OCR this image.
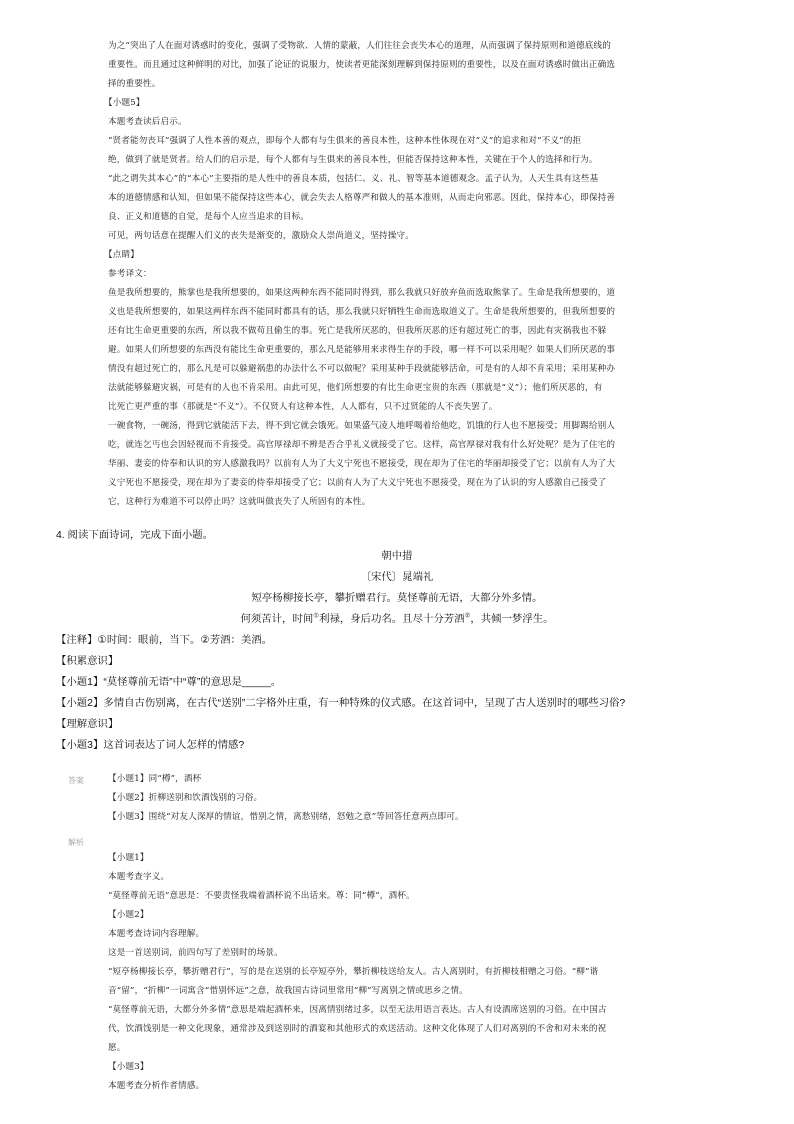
为之”突出了人在面对诱惑时的变化，强调了受物欲、人情的蒙蔽，人们往往会丧失本心的道理，从而强调了保持原则和道德底线的
重要性。而且通过这种鲜明的对比，加强了论证的说服力，使读者更能深刻理解到保持原则的重要性，以及在面对诱惑时做出正确选
择的重要性。
【小题5】
本题考查读后启示。
“贤者能勿丧耳”强调了人性本善的观点，即每个人都有与生俱来的善良本性，这种本性体现在对“义”的追求和对“不义”的拒
绝，做到了就是贤者。给人们的启示是，每个人都有与生俱来的善良本性，但能否保持这种本性，关键在于个人的选择和行为。
“此之谓失其本心”的“本心”主要指的是人性中的善良本质，包括仁、义、礼、智等基本道德观念。孟子认为，人天生具有这些基
本的道德情感和认知，但如果不能保持这些本心，就会失去人格尊严和做人的基本准则，从而走向邪恶。因此，保持本心，即保持善
良、正义和道德的自觉，是每个人应当追求的目标。
可见，两句话意在提醒人们义的丧失是渐变的，激励众人崇尚道义，坚持操守。
【点睛】
参考译文：
鱼是我所想要的，熊掌也是我所想要的，如果这两种东西不能同时得到，那么我就只好放弃鱼而选取熊掌了。生命是我所想要的，道
义也是我所想要的，如果这两样东西不能同时都具有的话，那么我就只好牺牲生命而选取道义了。生命是我所想要的，但我所想要的
还有比生命更重要的东西，所以我不做苟且偷生的事。死亡是我所厌恶的，但我所厌恶的还有超过死亡的事，因此有灾祸我也不躲
避。如果人们所想要的东西没有能比生命更重要的，那么凡是能够用来求得生存的手段，哪一样不可以采用呢？如果人们所厌恶的事
情没有超过死亡的，那么凡是可以躲避祸患的办法什么不可以做呢？采用某种手段就能够活命，可是有的人却不肯采用；采用某种办
法就能够躲避灾祸，可是有的人也不肯采用。由此可见，他们所想要的有比生命更宝贵的东西（那就是“义”）；他们所厌恶的，有
比死亡更严重的事（那就是“不义”）。不仅贤人有这种本性，人人都有，只不过贤能的人不丧失罢了。
一碗食物，一碗汤，得到它就能活下去，得不到它就会饿死。如果盛气凌人地呼喝着给他吃，饥饿的行人也不愿接受；用脚踢给别人
吃，就连乞丐也会因轻视而不肯接受。高官厚禄却不辨是否合乎礼义就接受了它。这样，高官厚禄对我有什么好处呢？是为了住宅的
华丽、妻妾的侍奉和认识的穷人感激我吗？以前有人为了大义宁死也不愿接受，现在却为了住宅的华丽却接受了它；以前有人为了大
义宁死也不愿接受，现在却为了妻妾的侍奉却接受了它；以前有人为了大义宁死也不愿接受，现在为了认识的穷人感激自己接受了
它，这种行为难道不可以停止吗？这就叫做丧失了人所固有的本性。
4. 阅读下面诗词，完成下面小题。
朝中措
〔宋代〕晁端礼
短亭杨柳接长亭，攀折赠君行。莫怪尊前无语，大都分外多情。
何须苦计，时间①利禄，身后功名。且尽十分芳酒②，共倾一梦浮生。
【注释】①时间：眼前，当下。②芳酒：美酒。
【积累意识】
【小题1】“莫怪尊前无语”中“尊”的意思是_____。
【小题2】多情自古伤别离，在古代“送别”二字格外庄重，有一种特殊的仪式感。在这首词中，呈现了古人送别时的哪些习俗?
【理解意识】
【小题3】这首词表达了词人怎样的情感?
答案	【小题1】同“樽”，酒杯
【小题2】折柳送别和饮酒饯别的习俗。
【小题3】围绕“对友人深厚的情谊，惜别之情，离愁别绪，怒勉之意”等回答任意两点即可。
解析
【小题1】
本题考查字义。
“莫怪尊前无语”意思是：不要责怪我端着酒杯说不出话来。尊：同“樽”，酒杯。
【小题2】
本题考查诗词内容理解。
这是一首送别词，前四句写了差别时的场景。
“短亭杨柳接长亭，攀折赠君行”，写的是在送别的长亭短亭外，攀折柳枝送给友人。古人离别时，有折柳枝相赠之习俗。“柳”谐
音“留”，“折柳”一词寓含“惜别怀远”之意，故我国古诗词里常用“柳”写离别之情或思乡之情。
“莫怪尊前无语，大都分外多情”意思是端起酒杯来，因离情别绪过多，以至无法用语言表达。古人有设酒席送别的习俗。在中国古
代，饮酒饯别是一种文化现象，通常涉及到送别时的酒宴和其他形式的欢送活动。这种文化体现了人们对离别的不舍和对未来的祝
愿。
【小题3】
本题考查分析作者情感。
